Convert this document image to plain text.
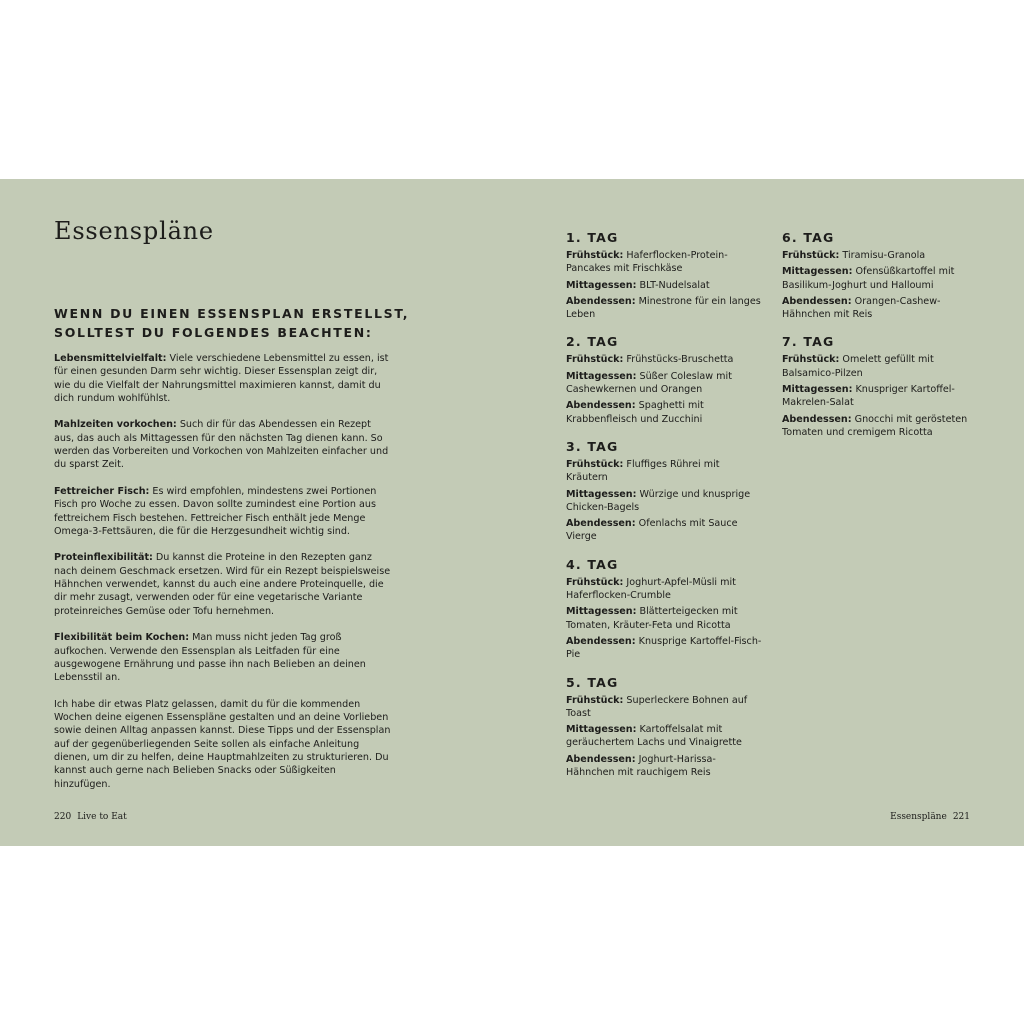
Essenspläne
WENN DU EINEN ESSENSPLAN ERSTELLST,
SOLLTEST DU FOLGENDES BEACHTEN:

Lebensmittelvielfalt: Viele verschiedene Lebensmittel zu essen, ist für einen gesunden Darm sehr wichtig. Dieser Essensplan zeigt dir, wie du die Vielfalt der Nahrungsmittel maximieren kannst, damit du dich rundum wohlfühlst.

Mahlzeiten vorkochen: Such dir für das Abendessen ein Rezept aus, das auch als Mittagessen für den nächsten Tag dienen kann. So werden das Vorbereiten und Vorkochen von Mahlzeiten einfacher und du sparst Zeit.

Fettreicher Fisch: Es wird empfohlen, mindestens zwei Portionen Fisch pro Woche zu essen. Davon sollte zumindest eine Portion aus fettreichem Fisch bestehen. Fettreicher Fisch enthält jede Menge Omega-3-Fettsäuren, die für die Herzgesundheit wichtig sind.

Proteinflexibilität: Du kannst die Proteine in den Rezepten ganz nach deinem Geschmack ersetzen. Wird für ein Rezept beispielsweise Hähnchen verwendet, kannst du auch eine andere Proteinquelle, die dir mehr zusagt, verwenden oder für eine vegetarische Variante proteinreiches Gemüse oder Tofu hernehmen.

Flexibilität beim Kochen: Man muss nicht jeden Tag groß aufkochen. Verwende den Essensplan als Leitfaden für eine ausgewogene Ernährung und passe ihn nach Belieben an deinen Lebensstil an.

Ich habe dir etwas Platz gelassen, damit du für die kommenden Wochen deine eigenen Essenspläne gestalten und an deine Vorlieben sowie deinen Alltag anpassen kannst. Diese Tipps und der Essensplan auf der gegenüberliegenden Seite sollen als einfache Anleitung dienen, um dir zu helfen, deine Hauptmahlzeiten zu strukturieren. Du kannst auch gerne nach Belieben Snacks oder Süßigkeiten hinzufügen.

1. TAG

Frühstück: Haferflocken-Protein-Pancakes mit Frischkäse

Mittagessen: BLT-Nudelsalat

Abendessen: Minestrone für ein langes Leben

2. TAG

Frühstück: Frühstücks-Bruschetta

Mittagessen: Süßer Coleslaw mit Cashewkernen und Orangen

Abendessen: Spaghetti mit Krabbenfleisch und Zucchini

3. TAG

Frühstück: Fluffiges Rührei mit Kräutern

Mittagessen: Würzige und knusprige Chicken-Bagels

Abendessen: Ofenlachs mit Sauce Vierge

4. TAG

Frühstück: Joghurt-Apfel-Müsli mit Haferflocken-Crumble

Mittagessen: Blätterteigecken mit Tomaten, Kräuter-Feta und Ricotta

Abendessen: Knusprige Kartoffel-Fisch-Pie

5. TAG

Frühstück: Superleckere Bohnen auf Toast

Mittagessen: Kartoffelsalat mit geräuchertem Lachs und Vinaigrette

Abendessen: Joghurt-Harissa-Hähnchen mit rauchigem Reis

6. TAG

Frühstück: Tiramisu-Granola

Mittagessen: Ofensüßkartoffel mit Basilikum-Joghurt und Halloumi

Abendessen: Orangen-Cashew-Hähnchen mit Reis

7. TAG

Frühstück: Omelett gefüllt mit Balsamico-Pilzen

Mittagessen: Knuspriger Kartoffel-Makrelen-Salat

Abendessen: Gnocchi mit gerösteten Tomaten und cremigem Ricotta

220 Live to Eat	Essenspläne 221
